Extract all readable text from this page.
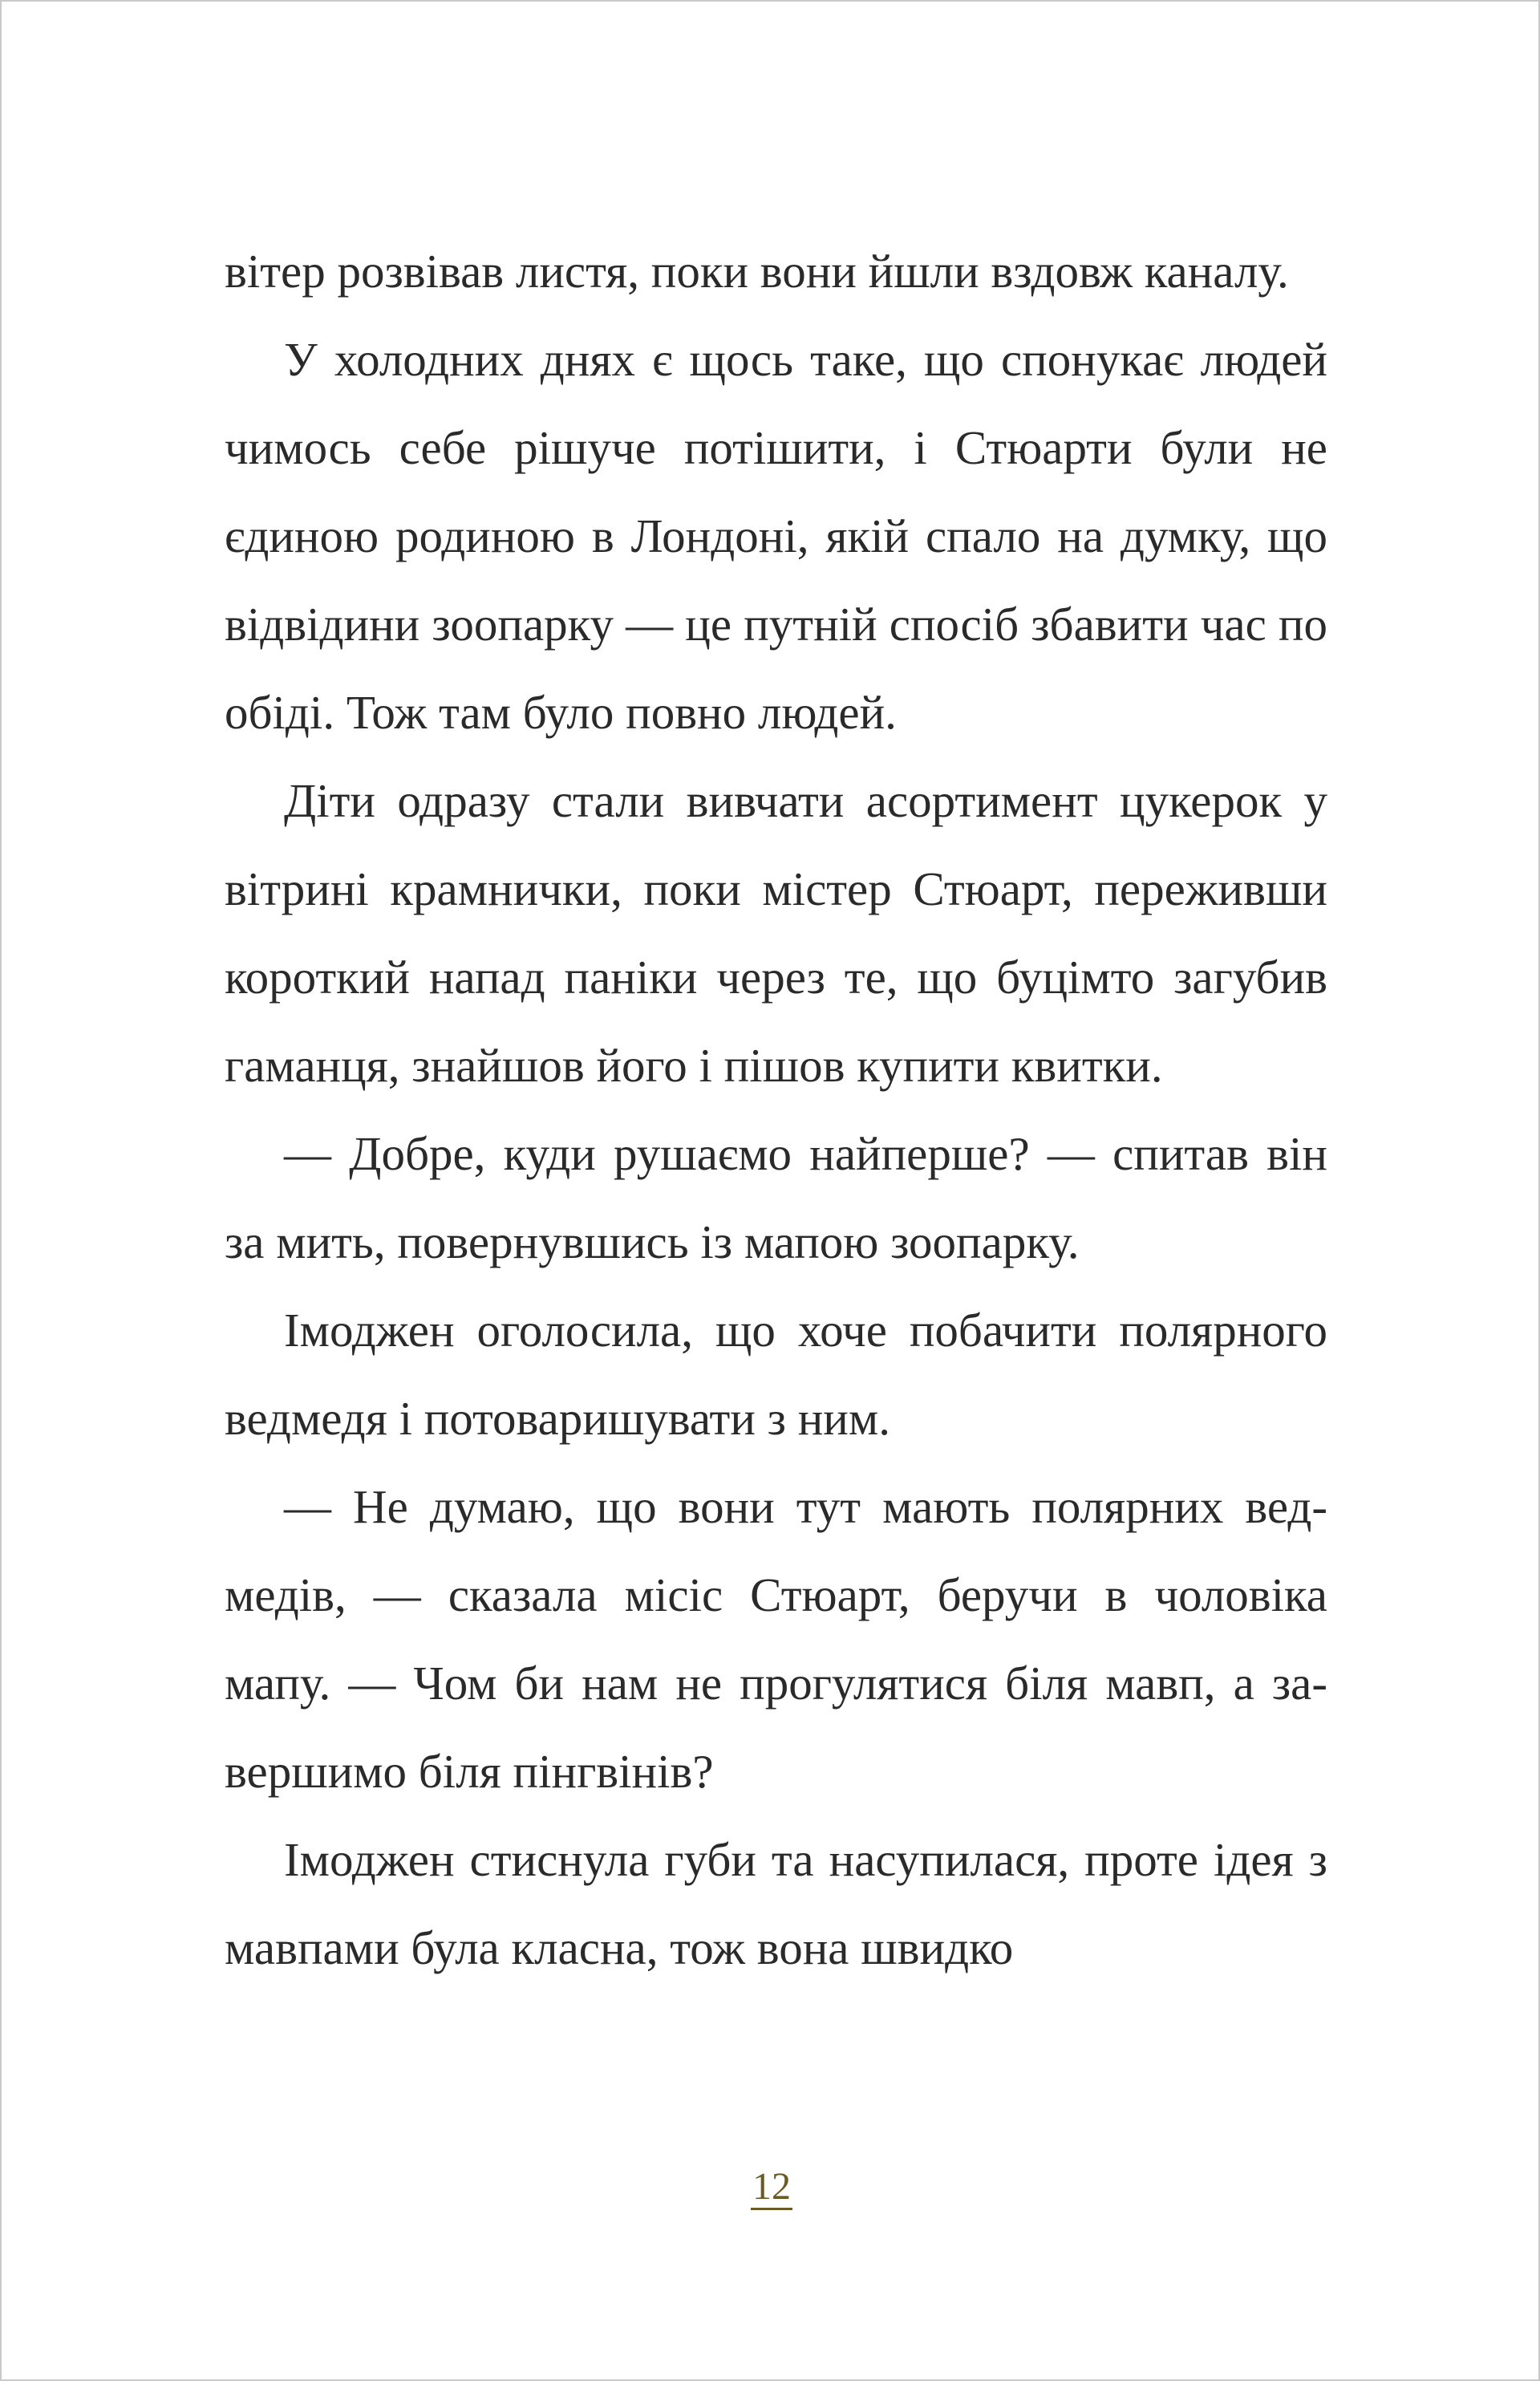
вітер розвівав листя, поки вони йшли вздовж каналу.

У холодних днях є щось таке, що спонукає людей чимось себе рішуче потішити, і Стюарти були не єдиною родиною в Лондоні, якій спало на думку, що відвідини зоопарку — це путній спосіб збавити час по обіді. Тож там було повно людей.

Діти одразу стали вивчати асортимент цукерок у вітрині крамнички, поки містер Стюарт, переживши короткий напад паніки через те, що буцімто загубив гаманця, знайшов його і пішов купити квитки.

— Добре, куди рушаємо найперше? — спитав він за мить, повернувшись із мапою зоопарку.

Імоджен оголосила, що хоче побачити полярного ведмедя і потоваришувати з ним.

— Не думаю, що вони тут мають полярних ведмедів, — сказала місіс Стюарт, беручи в чоловіка мапу. — Чом би нам не прогулятися біля мавп, а завершимо біля пінгвінів?

Імоджен стиснула губи та насупилася, проте ідея з мавпами була класна, тож вона швидко

12
